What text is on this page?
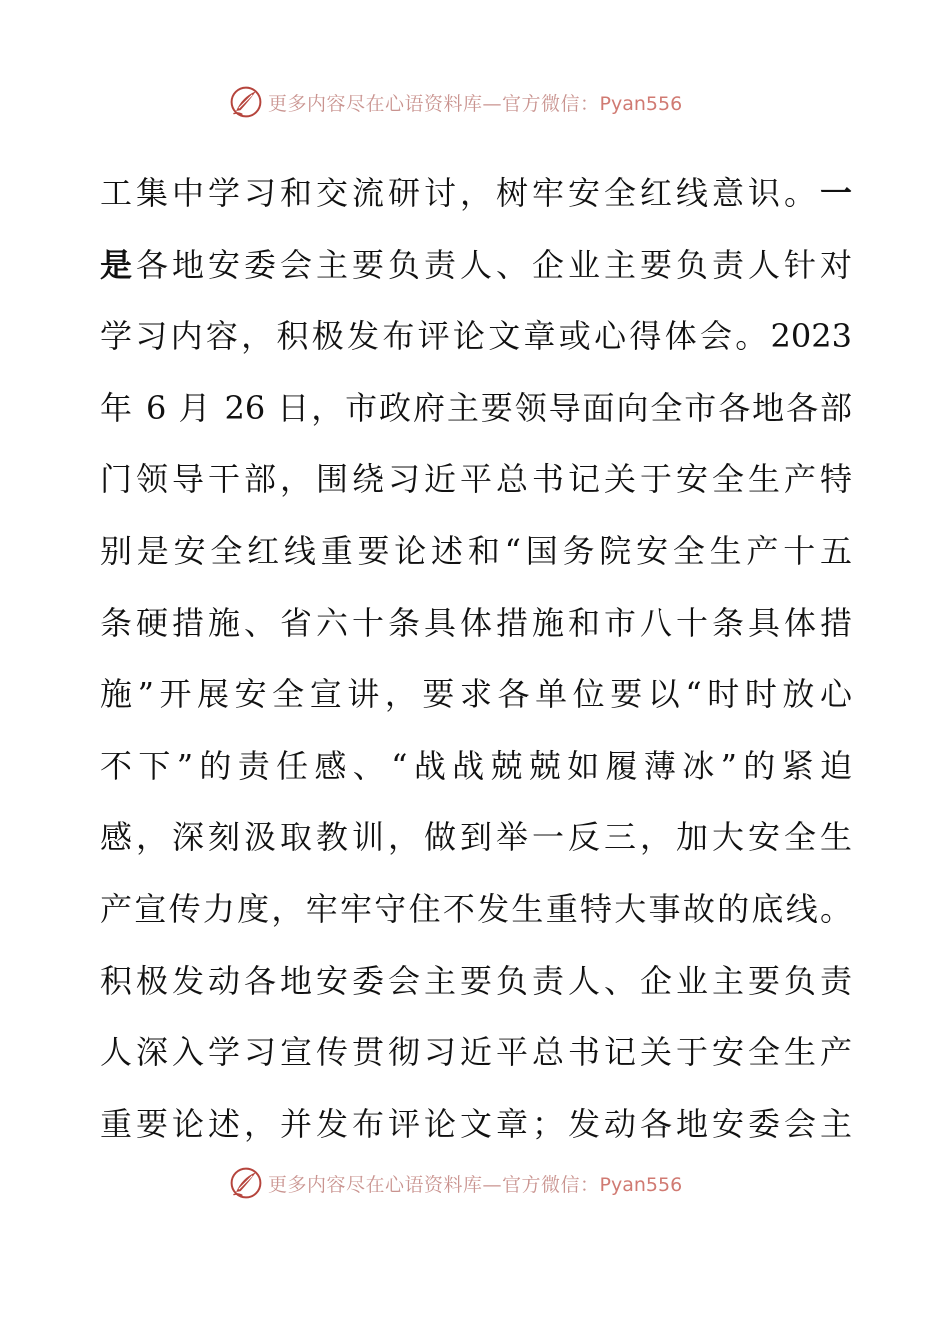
更多内容尽在心语资料库—官方微信：Pyan556
工集中学习和交流研讨，树牢安全红线意识。一
是各地安委会主要负责人、企业主要负责人针对
学习内容，积极发布评论文章或心得体会。2023
年 6 月 26 日，市政府主要领导面向全市各地各部
门领导干部，围绕习近平总书记关于安全生产特
别是安全红线重要论述和“国务院安全生产十五
条硬措施、省六十条具体措施和市八十条具体措
施”开展安全宣讲，要求各单位要以“时时放心
不下”的责任感、“战战兢兢如履薄冰”的紧迫
感，深刻汲取教训，做到举一反三，加大安全生
产宣传力度，牢牢守住不发生重特大事故的底线。
积极发动各地安委会主要负责人、企业主要负责
人深入学习宣传贯彻习近平总书记关于安全生产
重要论述，并发布评论文章；发动各地安委会主
更多内容尽在心语资料库—官方微信：Pyan556
